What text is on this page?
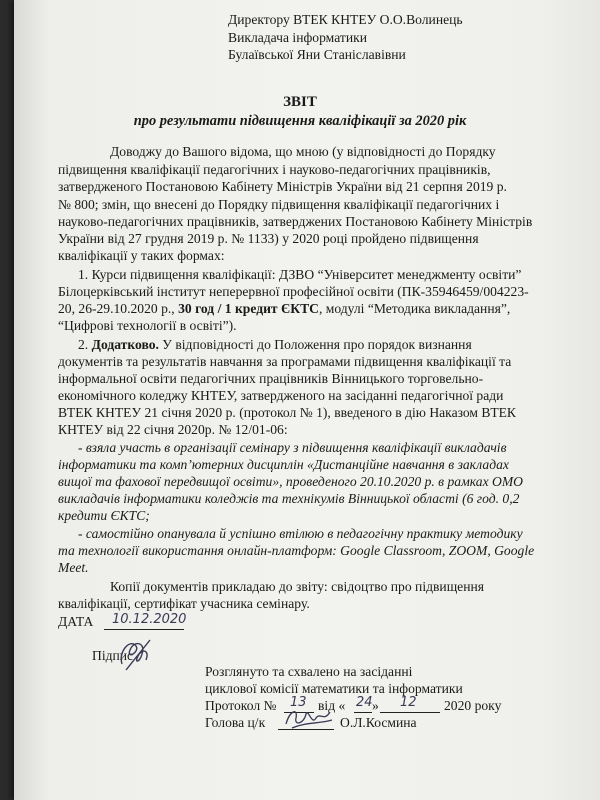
Директору ВТЕК КНТЕУ О.О.Волинець
Викладача інформатики
Булаївської Яни Станіславівни
ЗВІТ
про результати підвищення кваліфікації за 2020 рік
Доводжу до Вашого відома, що мною (у відповідності до Порядку
підвищення кваліфікації педагогічних і науково-педагогічних працівників,
затвердженого Постановою Кабінету Міністрів України від 21 серпня 2019 р.
№ 800; змін, що внесені до Порядку підвищення кваліфікації педагогічних і
науково-педагогічних працівників, затверджених Постановою Кабінету Міністрів
України від 27 грудня 2019 р. № 1133) у 2020 році пройдено підвищення
кваліфікації у таких формах:
1. Курси підвищення кваліфікації: ДЗВО “Університет менеджменту освіти”
Білоцерківський інститут неперервної професійної освіти (ПК-35946459/004223-
20, 26-29.10.2020 р., 30 год / 1 кредит ЄКТС, модулі “Методика викладання”,
“Цифрові технології в освіті”).
2. Додатково. У відповідності до Положення про порядок визнання
документів та результатів навчання за програмами підвищення кваліфікації та
інформальної освіти педагогічних працівників Вінницького торговельно-
економічного коледжу КНТЕУ, затвердженого на засіданні педагогічної ради
ВТЕК КНТЕУ 21 січня 2020 р. (протокол № 1), введеного в дію Наказом ВТЕК
КНТЕУ від 22 січня 2020р. № 12/01-06:
- взяла участь в організації семінару з підвищення кваліфікації викладачів
інформатики та комп’ютерних дисциплін «Дистанційне навчання в закладах
вищої та фахової передвищої освіти», проведеного 20.10.2020 р. в рамках ОМО
викладачів інформатики коледжів та технікумів Вінницької області (6 год. 0,2
кредити ЄКТС;
- самостійно опанувала й успішно втілюю в педагогічну практику методику
та технології використання онлайн-платформ: Google Classroom, ZOOM, Google
Meet.
Копії документів прикладаю до звіту: свідоцтво про підвищення
кваліфікації, сертифікат учасника семінару.
ДАТА 10.12.2020
Підпис
Розглянуто та схвалено на засіданні
циклової комісії математики та інформатики
Протокол № 13 від « 24 » 12 2020 року
Голова ц/к	О.Л.Космина
